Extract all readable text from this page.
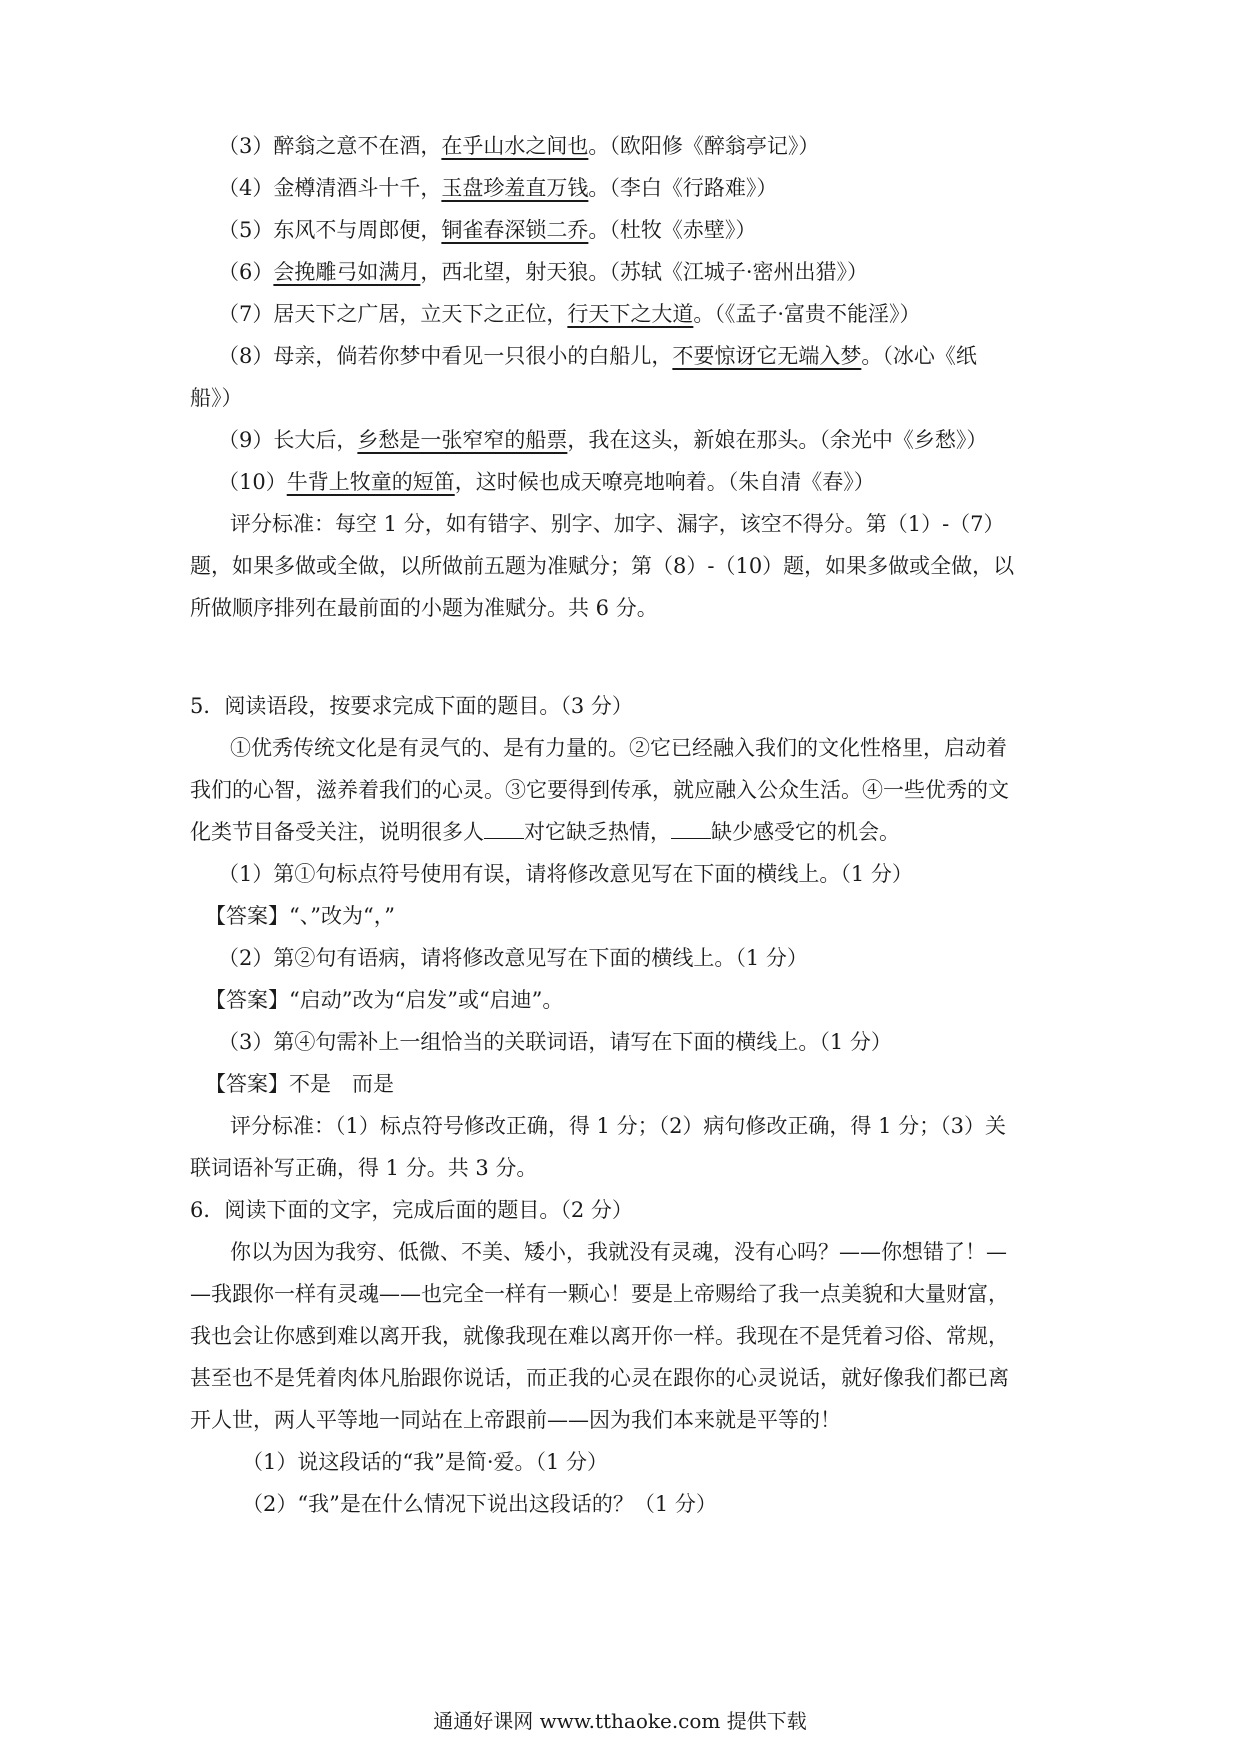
（3）醉翁之意不在酒，在乎山水之间也。（欧阳修《醉翁亭记》）
（4）金樽清酒斗十千，玉盘珍羞直万钱。（李白《行路难》）
（5）东风不与周郎便，铜雀春深锁二乔。（杜牧《赤壁》）
（6）会挽雕弓如满月，西北望，射天狼。（苏轼《江城子·密州出猎》）
（7）居天下之广居，立天下之正位，行天下之大道。（《孟子·富贵不能淫》）
（8）母亲，倘若你梦中看见一只很小的白船儿，不要惊讶它无端入梦。（冰心《纸
船》）
（9）长大后，乡愁是一张窄窄的船票，我在这头，新娘在那头。（余光中《乡愁》）
（10）牛背上牧童的短笛，这时候也成天嘹亮地响着。（朱自清《春》）
评分标准：每空 1 分，如有错字、别字、加字、漏字，该空不得分。第（1）-（7）
题，如果多做或全做，以所做前五题为准赋分；第（8）-（10）题，如果多做或全做，以
所做顺序排列在最前面的小题为准赋分。共 6 分。
5．阅读语段，按要求完成下面的题目。（3 分）
①优秀传统文化是有灵气的、是有力量的。②它已经融入我们的文化性格里，启动着
我们的心智，滋养着我们的心灵。③它要得到传承，就应融入公众生活。④一些优秀的文
化类节目备受关注，说明很多人 对它缺乏热情， 缺少感受它的机会。
（1）第①句标点符号使用有误，请将修改意见写在下面的横线上。（1 分）
【答案】“、”改为“，”
（2）第②句有语病，请将修改意见写在下面的横线上。（1 分）
【答案】“启动”改为“启发”或“启迪”。
（3）第④句需补上一组恰当的关联词语，请写在下面的横线上。（1 分）
【答案】不是　而是
评分标准：（1）标点符号修改正确，得 1 分；（2）病句修改正确，得 1 分；（3）关
联词语补写正确，得 1 分。共 3 分。
6．阅读下面的文字，完成后面的题目。（2 分）
你以为因为我穷、低微、不美、矮小，我就没有灵魂，没有心吗？——你想错了！—
—我跟你一样有灵魂——也完全一样有一颗心！要是上帝赐给了我一点美貌和大量财富，
我也会让你感到难以离开我，就像我现在难以离开你一样。我现在不是凭着习俗、常规，
甚至也不是凭着肉体凡胎跟你说话，而正我的心灵在跟你的心灵说话，就好像我们都已离
开人世，两人平等地一同站在上帝跟前——因为我们本来就是平等的！
（1）说这段话的“我”是简·爱。（1 分）
（2）“我”是在什么情况下说出这段话的？（1 分）
通通好课网 www.tthaoke.com 提供下载
